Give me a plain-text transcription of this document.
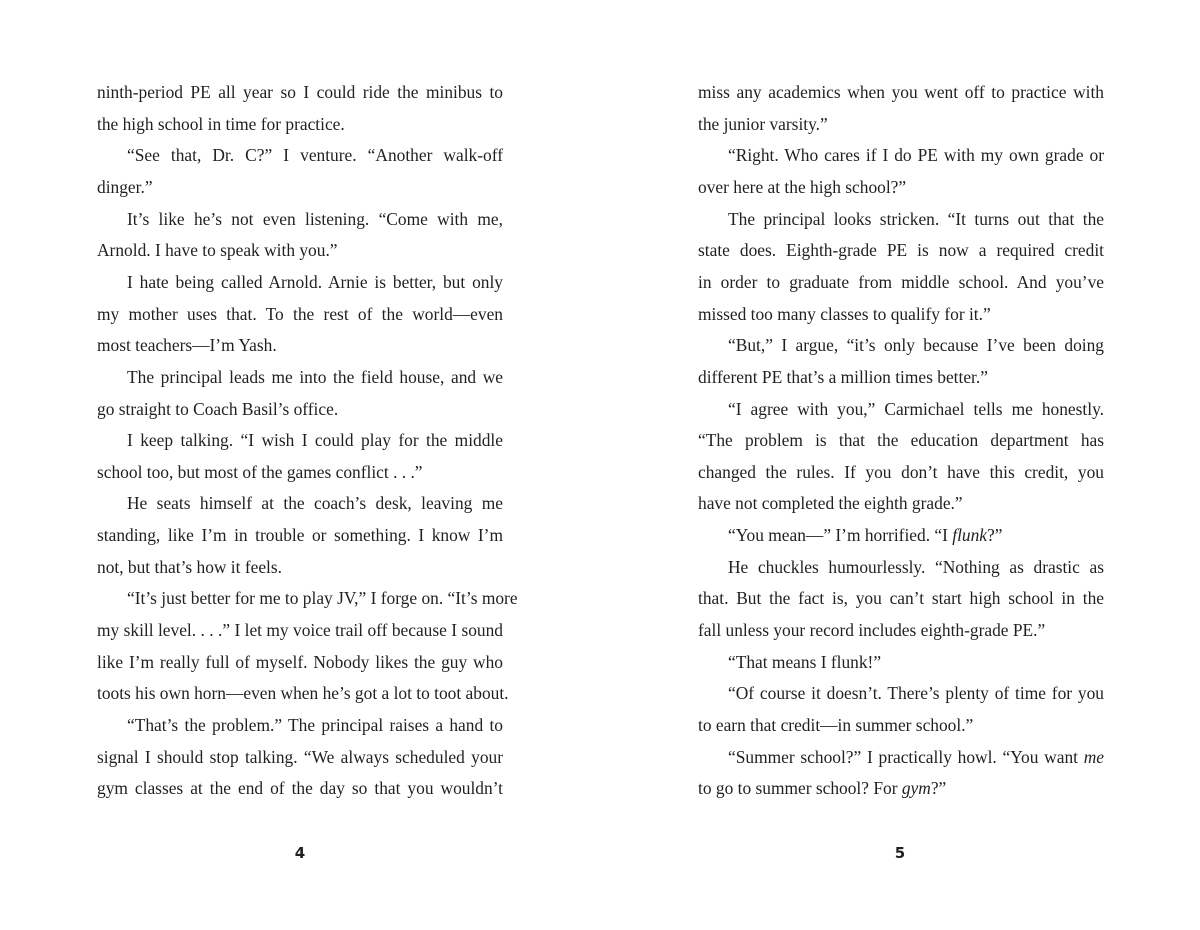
ninth-period PE all year so I could ride the minibus to
the high school in time for practice.
“See that, Dr. C?” I venture. “Another walk-off
dinger.”
It’s like he’s not even listening. “Come with me,
Arnold. I have to speak with you.”
I hate being called Arnold. Arnie is better, but only
my mother uses that. To the rest of the world—even
most teachers—I’m Yash.
The principal leads me into the field house, and we
go straight to Coach Basil’s office.
I keep talking. “I wish I could play for the middle
school too, but most of the games conflict . . .”
He seats himself at the coach’s desk, leaving me
standing, like I’m in trouble or something. I know I’m
not, but that’s how it feels.
“It’s just better for me to play JV,” I forge on. “It’s more
my skill level. . . .” I let my voice trail off because I sound
like I’m really full of myself. Nobody likes the guy who
toots his own horn—even when he’s got a lot to toot about.
“That’s the problem.” The principal raises a hand to
signal I should stop talking. “We always scheduled your
gym classes at the end of the day so that you wouldn’t
miss any academics when you went off to practice with
the junior varsity.”
“Right. Who cares if I do PE with my own grade or
over here at the high school?”
The principal looks stricken. “It turns out that the
state does. Eighth-grade PE is now a required credit
in order to graduate from middle school. And you’ve
missed too many classes to qualify for it.”
“But,” I argue, “it’s only because I’ve been doing
different PE that’s a million times better.”
“I agree with you,” Carmichael tells me honestly.
“The problem is that the education department has
changed the rules. If you don’t have this credit, you
have not completed the eighth grade.”
“You mean—” I’m horrified. “I flunk?”
He chuckles humourlessly. “Nothing as drastic as
that. But the fact is, you can’t start high school in the
fall unless your record includes eighth-grade PE.”
“That means I flunk!”
“Of course it doesn’t. There’s plenty of time for you
to earn that credit—in summer school.”
“Summer school?” I practically howl. “You want me
to go to summer school? For gym?”
4	5
